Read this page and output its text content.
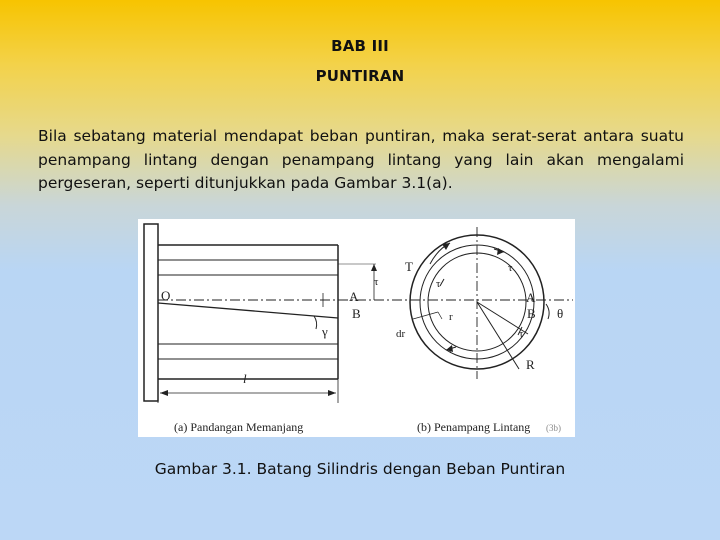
BAB III
PUNTIRAN
Bila sebatang material mendapat beban puntiran, maka serat-serat antara suatu penampang lintang dengan penampang lintang yang lain akan mengalami pergeseran, seperti ditunjukkan pada Gambar 3.1(a).
O	A
B
γ
τ
l
T	τ
τ
r
dr
A
B θ
τ
τ
R
(a) Pandangan Memanjang	(b) Penampang Lintang (3b)
Gambar 3.1. Batang Silindris dengan Beban Puntiran
